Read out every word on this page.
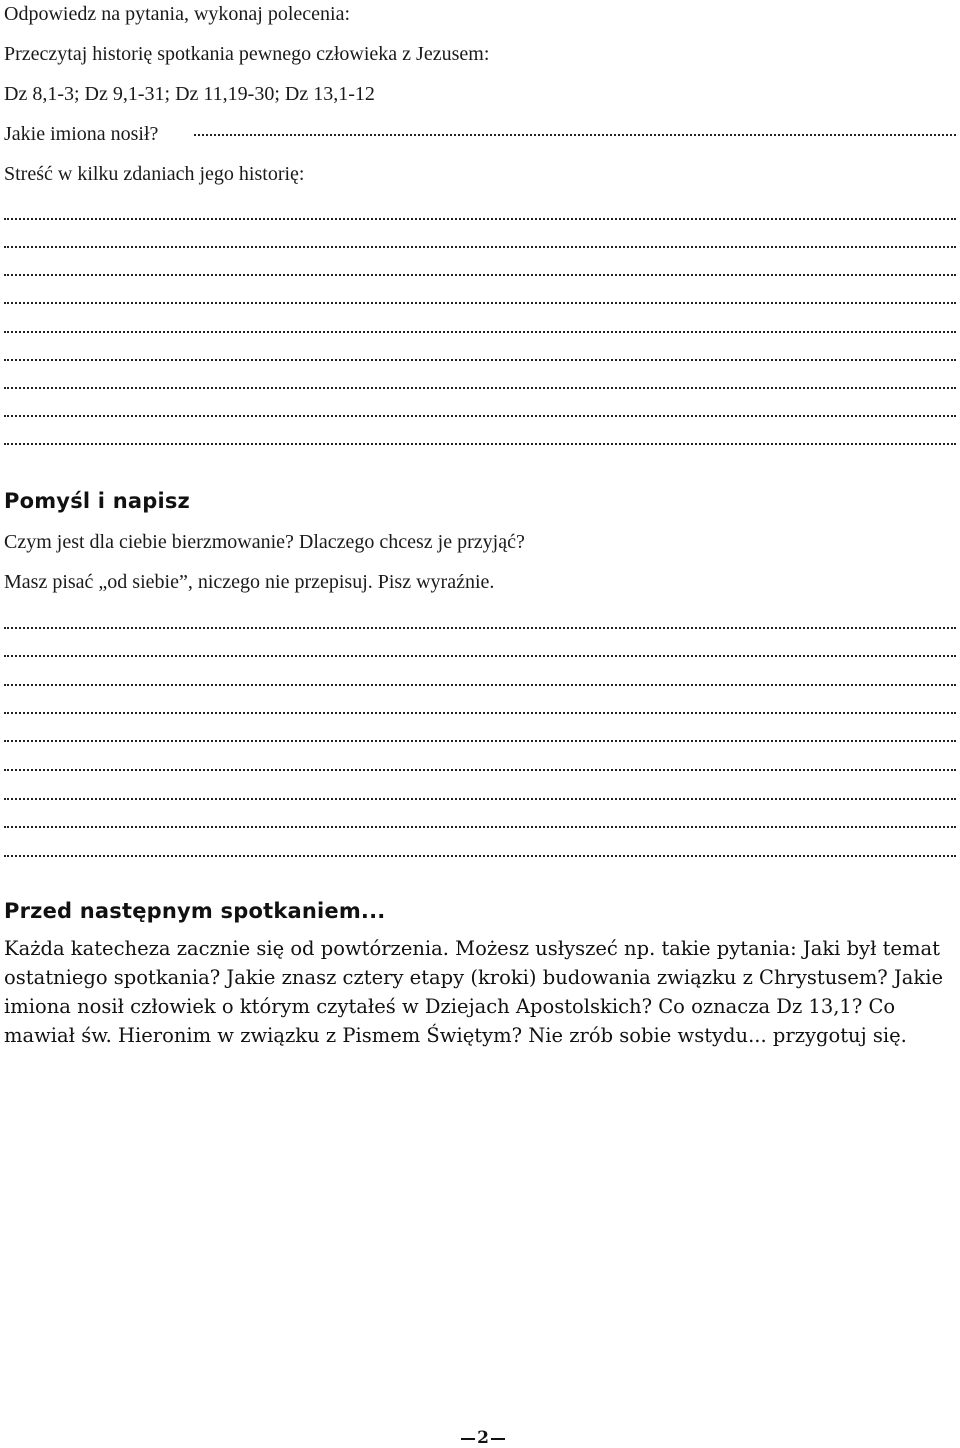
Odpowiedz na pytania, wykonaj polecenia:
Przeczytaj historię spotkania pewnego człowieka z Jezusem:
Dz 8,1-3; Dz 9,1-31; Dz 11,19-30; Dz 13,1-12
Jakie imiona nosił?
Streść w kilku zdaniach jego historię:
Pomyśl i napisz
Czym jest dla ciebie bierzmowanie? Dlaczego chcesz je przyjąć?
Masz pisać „od siebie”, niczego nie przepisuj. Pisz wyraźnie.
Przed następnym spotkaniem...
Każda katecheza zacznie się od powtórzenia. Możesz usłyszeć np. takie pytania: Jaki był temat ostatniego spotkania? Jakie znasz cztery etapy (kroki) budowania związku z Chrystusem? Jakie imiona nosił człowiek o którym czytałeś w Dziejach Apostolskich? Co oznacza Dz 13,1? Co mawiał św. Hieronim w związku z Pismem Świętym? Nie zrób sobie wstydu... przygotuj się.
2
